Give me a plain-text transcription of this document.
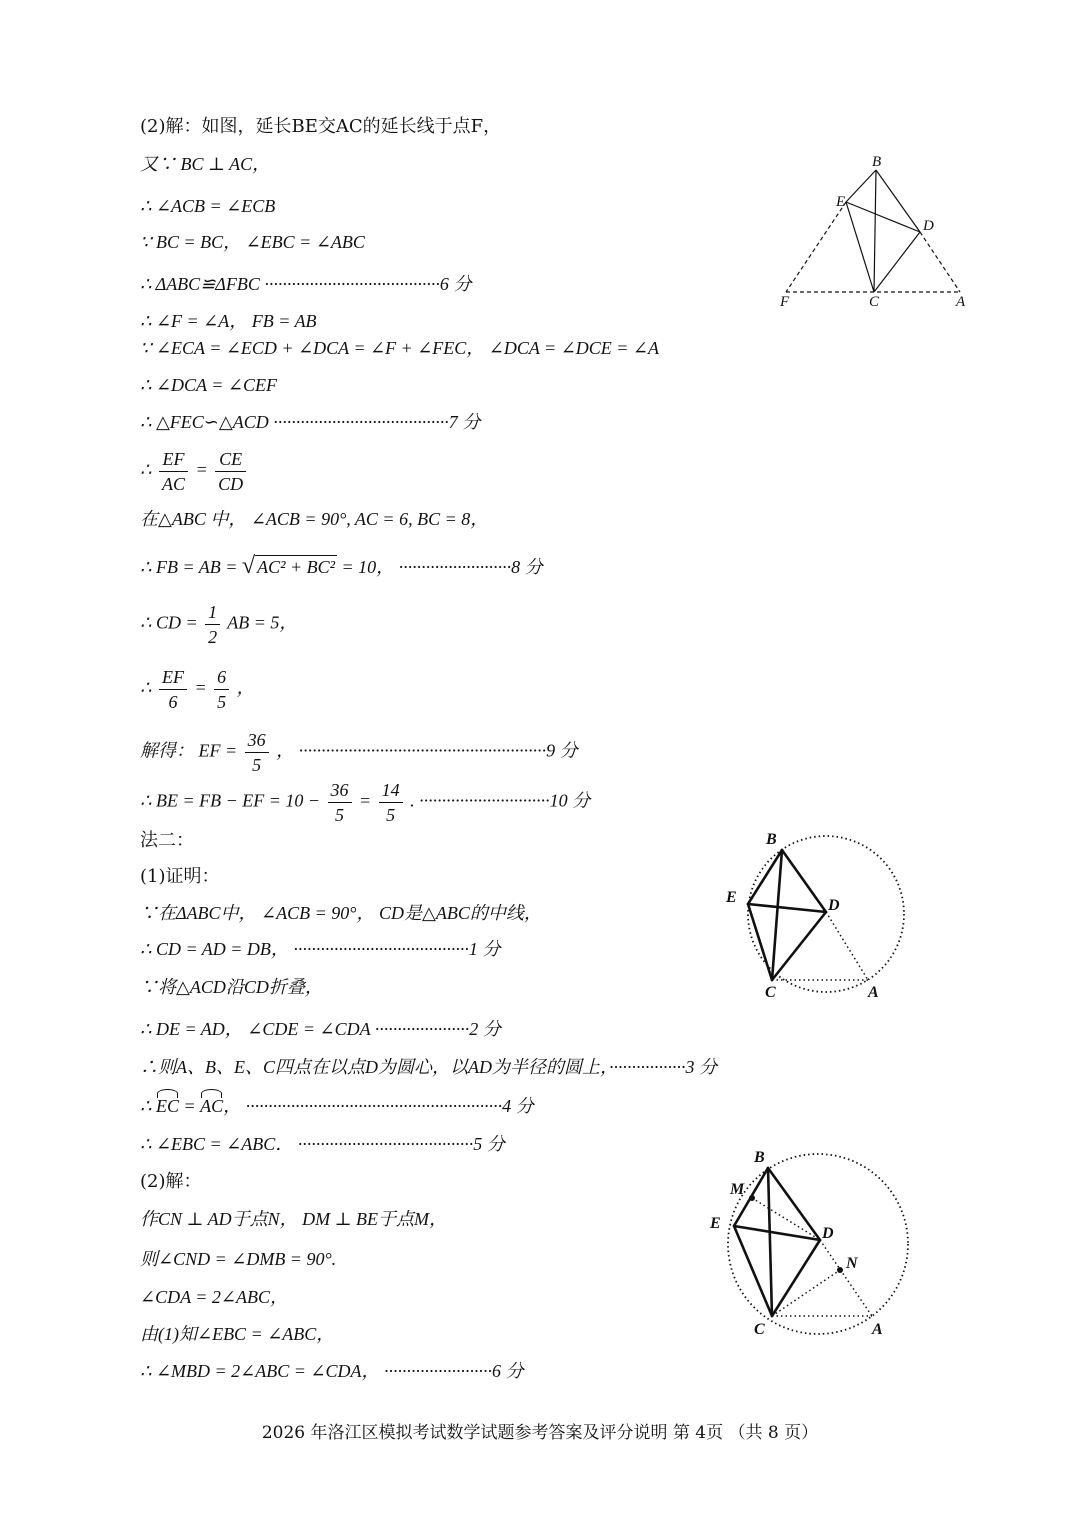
(2)解：如图，延长BE交AC的延长线于点F，
又∵ BC ⊥ AC，
∴ ∠ACB = ∠ECB
∵ BC = BC， ∠EBC = ∠ABC
∴ ΔABC≌ΔFBC ·······································6 分
∴ ∠F = ∠A， FB = AB
∵ ∠ECA = ∠ECD + ∠DCA = ∠F + ∠FEC， ∠DCA = ∠DCE = ∠A
∴ ∠DCA = ∠CEF
∴ △FEC∽△ACD ·······································7 分
∴ $\frac{EF}{AC} = \frac{CE}{CD}$
在△ABC 中， ∠ACB = 90°, AC = 6, BC = 8，
∴ FB = AB = √ AC² + BC² = 10， ·························8 分
∴ CD = $\frac{1}{2}$ AB = 5，
∴ $\frac{EF}{6} = \frac{6}{5}$ ，
解得： EF = $\frac{36}{5}$ ， ·······················································9 分
∴ BE = FB − EF = $10 - \frac{36}{5} = \frac{14}{5}$ . ·····························10 分
法二：
(1)证明：
∵在ΔABC中， ∠ACB = 90°， CD是△ABC的中线，
∴ CD = AD = DB， ·······································1 分
∵将△ACD沿CD折叠，
∴ DE = AD， ∠CDE = ∠CDA ·····················2 分
∴则A、B、E、C四点在以点D为圆心，以AD为半径的圆上，·················3 分
∴ EC = AC， ·························································4 分
∴ ∠EBC = ∠ABC． ·······································5 分
(2)解：
作CN ⊥ AD于点N， DM ⊥ BE于点M，
则∠CND = ∠DMB = 90°.
∠CDA = 2∠ABC，
由(1)知∠EBC = ∠ABC，
∴ ∠MBD = 2∠ABC = ∠CDA， ························6 分
B
E
D
F	C	A
B
E	D
C	A
B
M
E
D
N
C	A
2026 年洛江区模拟考试数学试题参考答案及评分说明 第 4页 （共 8 页）
